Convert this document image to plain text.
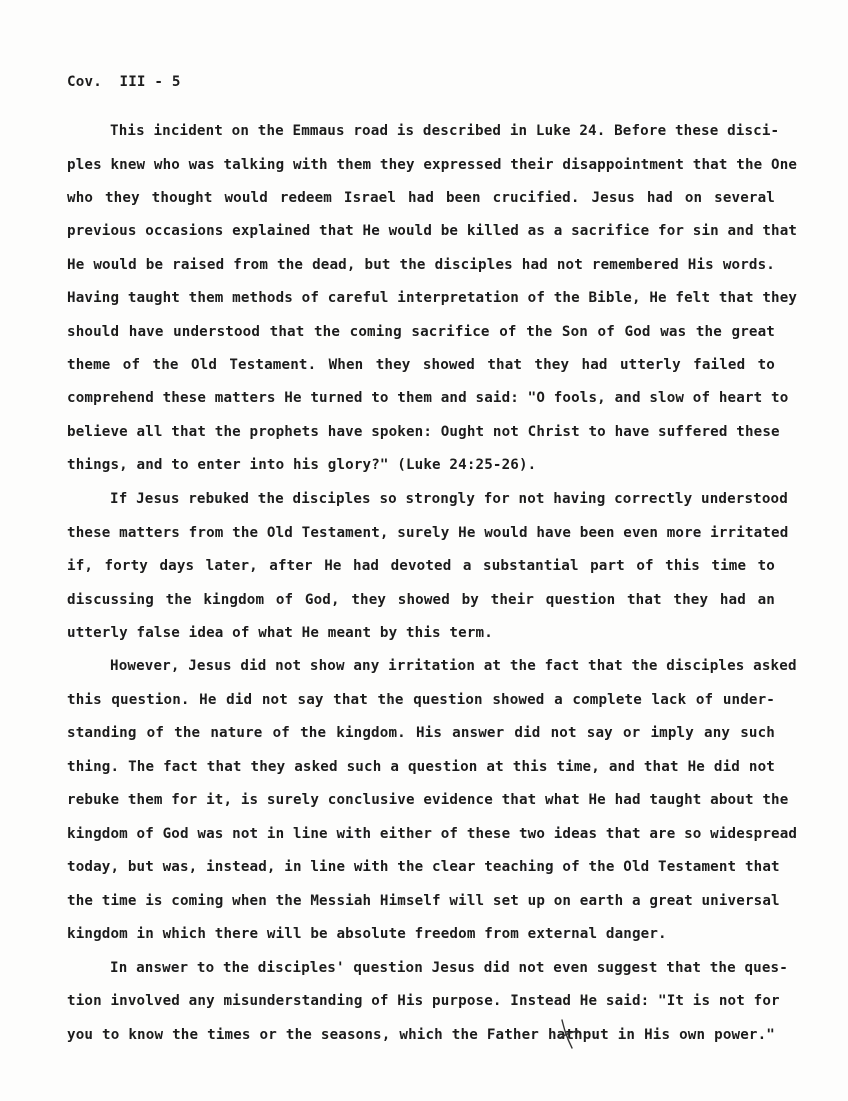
Cov.  III - 5
This incident on the Emmaus road is described in Luke 24. Before these disci-
ples knew who was talking with them they expressed their disappointment that the One
who they thought would redeem Israel had been crucified. Jesus had on several
previous occasions explained that He would be killed as a sacrifice for sin and that
He would be raised from the dead, but the disciples had not remembered His words.
Having taught them methods of careful interpretation of the Bible, He felt that they
should have understood that the coming sacrifice of the Son of God was the great
theme of the Old Testament. When they showed that they had utterly failed to
comprehend these matters He turned to them and said: "O fools, and slow of heart to
believe all that the prophets have spoken: Ought not Christ to have suffered these
things, and to enter into his glory?" (Luke 24:25-26).
If Jesus rebuked the disciples so strongly for not having correctly understood
these matters from the Old Testament, surely He would have been even more irritated
if, forty days later, after He had devoted a substantial part of this time to
discussing the kingdom of God, they showed by their question that they had an
utterly false idea of what He meant by this term.
However, Jesus did not show any irritation at the fact that the disciples asked
this question. He did not say that the question showed a complete lack of under-
standing of the nature of the kingdom. His answer did not say or imply any such
thing. The fact that they asked such a question at this time, and that He did not
rebuke them for it, is surely conclusive evidence that what He had taught about the
kingdom of God was not in line with either of these two ideas that are so widespread
today, but was, instead, in line with the clear teaching of the Old Testament that
the time is coming when the Messiah Himself will set up on earth a great universal
kingdom in which there will be absolute freedom from external danger.
In answer to the disciples' question Jesus did not even suggest that the ques-
tion involved any misunderstanding of His purpose. Instead He said: "It is not for
you to know the times or the seasons, which the Father hathput in His own power."
